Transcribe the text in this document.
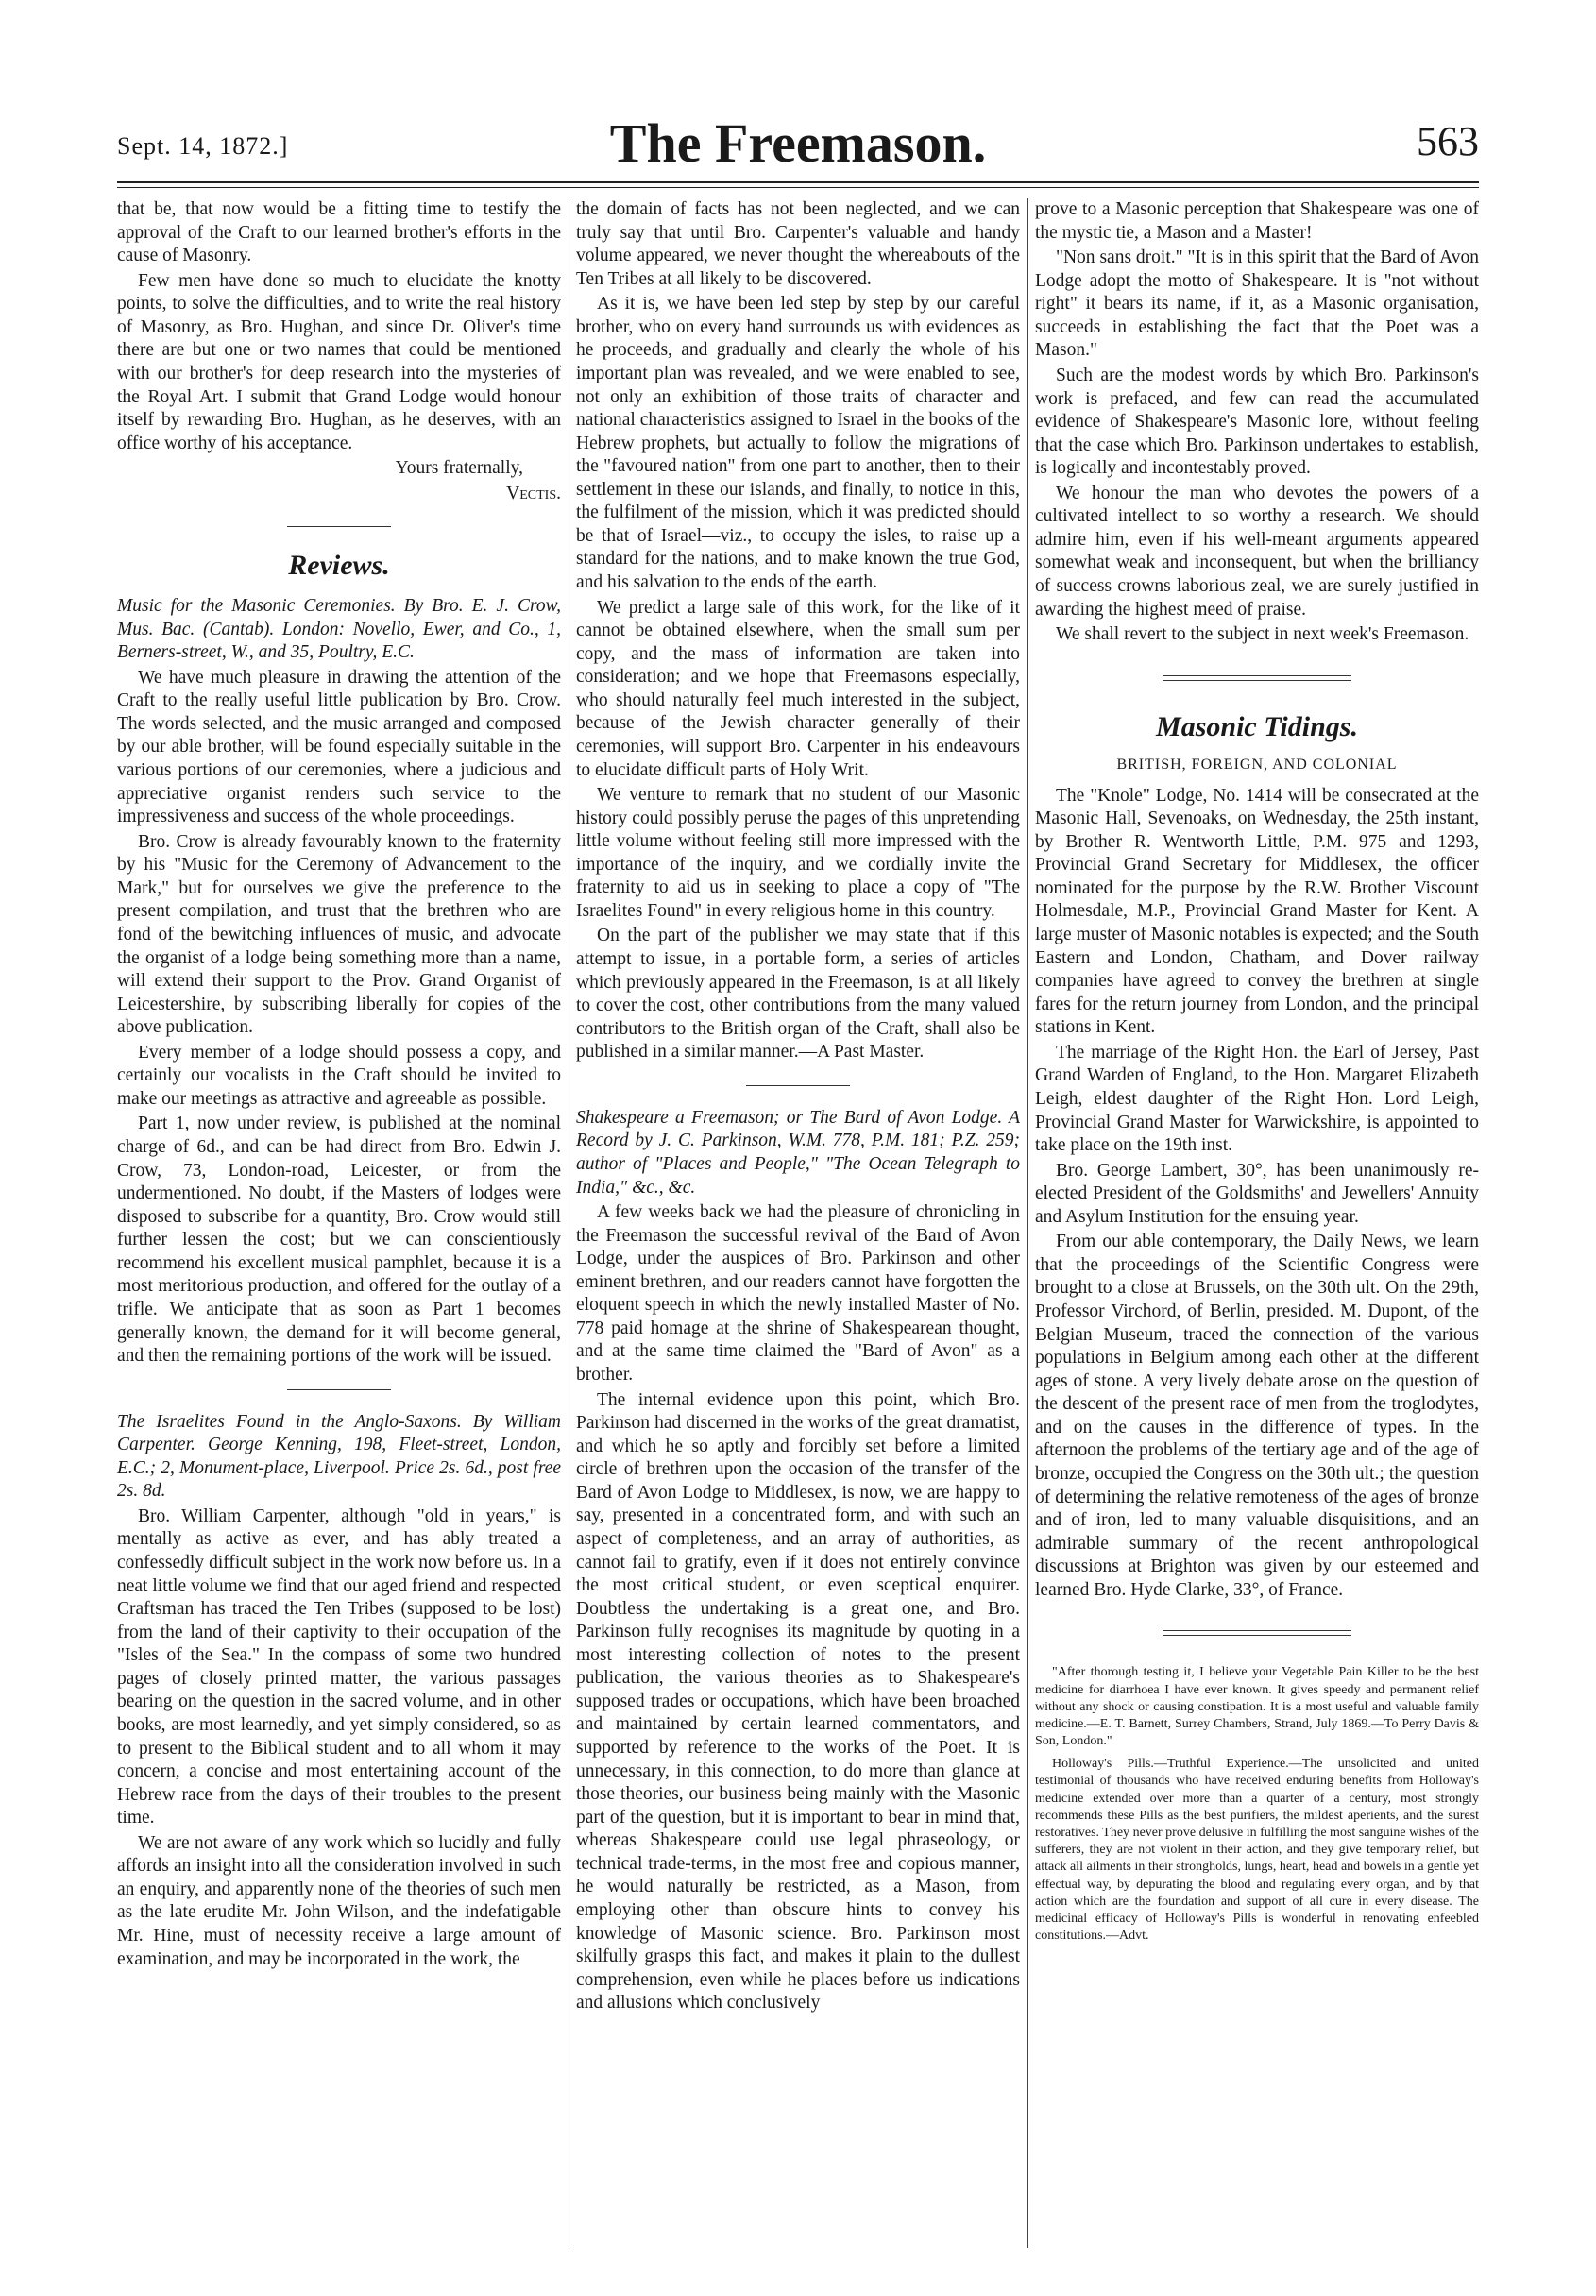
Sept. 14, 1872.]	The Freemason.	563

that be, that now would be a fitting time to testify the approval of the Craft to our learned brother's efforts in the cause of Masonry.

Few men have done so much to elucidate the knotty points, to solve the difficulties, and to write the real history of Masonry, as Bro. Hughan, and since Dr. Oliver's time there are but one or two names that could be mentioned with our brother's for deep research into the mysteries of the Royal Art. I submit that Grand Lodge would honour itself by rewarding Bro. Hughan, as he deserves, with an office worthy of his acceptance.

Yours fraternally,
Vectis.
Reviews.

Music for the Masonic Ceremonies. By Bro. E. J. Crow, Mus. Bac. (Cantab). London: Novello, Ewer, and Co., 1, Berners-street, W., and 35, Poultry, E.C.

We have much pleasure in drawing the attention of the Craft to the really useful little publication by Bro. Crow. The words selected, and the music arranged and composed by our able brother, will be found especially suitable in the various portions of our ceremonies, where a judicious and appreciative organist renders such service to the impressiveness and success of the whole proceedings.

Bro. Crow is already favourably known to the fraternity by his "Music for the Ceremony of Advancement to the Mark," but for ourselves we give the preference to the present compilation, and trust that the brethren who are fond of the bewitching influences of music, and advocate the organist of a lodge being something more than a name, will extend their support to the Prov. Grand Organist of Leicestershire, by subscribing liberally for copies of the above publication.

Every member of a lodge should possess a copy, and certainly our vocalists in the Craft should be invited to make our meetings as attractive and agreeable as possible.

Part 1, now under review, is published at the nominal charge of 6d., and can be had direct from Bro. Edwin J. Crow, 73, London-road, Leicester, or from the undermentioned. No doubt, if the Masters of lodges were disposed to subscribe for a quantity, Bro. Crow would still further lessen the cost; but we can conscientiously recommend his excellent musical pamphlet, because it is a most meritorious production, and offered for the outlay of a trifle. We anticipate that as soon as Part 1 becomes generally known, the demand for it will become general, and then the remaining portions of the work will be issued.

The Israelites Found in the Anglo-Saxons. By William Carpenter. George Kenning, 198, Fleet-street, London, E.C.; 2, Monument-place, Liverpool. Price 2s. 6d., post free 2s. 8d.

Bro. William Carpenter, although "old in years," is mentally as active as ever, and has ably treated a confessedly difficult subject in the work now before us. In a neat little volume we find that our aged friend and respected Craftsman has traced the Ten Tribes (supposed to be lost) from the land of their captivity to their occupation of the "Isles of the Sea." In the compass of some two hundred pages of closely printed matter, the various passages bearing on the question in the sacred volume, and in other books, are most learnedly, and yet simply considered, so as to present to the Biblical student and to all whom it may concern, a concise and most entertaining account of the Hebrew race from the days of their troubles to the present time.

We are not aware of any work which so lucidly and fully affords an insight into all the consideration involved in such an enquiry, and apparently none of the theories of such men as the late erudite Mr. John Wilson, and the indefatigable Mr. Hine, must of necessity receive a large amount of examination, and may be incorporated in the work, the

the domain of facts has not been neglected, and we can truly say that until Bro. Carpenter's valuable and handy volume appeared, we never thought the whereabouts of the Ten Tribes at all likely to be discovered.

As it is, we have been led step by step by our careful brother, who on every hand surrounds us with evidences as he proceeds, and gradually and clearly the whole of his important plan was revealed, and we were enabled to see, not only an exhibition of those traits of character and national characteristics assigned to Israel in the books of the Hebrew prophets, but actually to follow the migrations of the "favoured nation" from one part to another, then to their settlement in these our islands, and finally, to notice in this, the fulfilment of the mission, which it was predicted should be that of Israel—viz., to occupy the isles, to raise up a standard for the nations, and to make known the true God, and his salvation to the ends of the earth.

We predict a large sale of this work, for the like of it cannot be obtained elsewhere, when the small sum per copy, and the mass of information are taken into consideration; and we hope that Freemasons especially, who should naturally feel much interested in the subject, because of the Jewish character generally of their ceremonies, will support Bro. Carpenter in his endeavours to elucidate difficult parts of Holy Writ.

We venture to remark that no student of our Masonic history could possibly peruse the pages of this unpretending little volume without feeling still more impressed with the importance of the inquiry, and we cordially invite the fraternity to aid us in seeking to place a copy of "The Israelites Found" in every religious home in this country.

On the part of the publisher we may state that if this attempt to issue, in a portable form, a series of articles which previously appeared in the Freemason, is at all likely to cover the cost, other contributions from the many valued contributors to the British organ of the Craft, shall also be published in a similar manner.—A Past Master.

Shakespeare a Freemason; or The Bard of Avon Lodge. A Record by J. C. Parkinson, W.M. 778, P.M. 181; P.Z. 259; author of "Places and People," "The Ocean Telegraph to India," &c., &c.

A few weeks back we had the pleasure of chronicling in the Freemason the successful revival of the Bard of Avon Lodge, under the auspices of Bro. Parkinson and other eminent brethren, and our readers cannot have forgotten the eloquent speech in which the newly installed Master of No. 778 paid homage at the shrine of Shakespearean thought, and at the same time claimed the "Bard of Avon" as a brother.

The internal evidence upon this point, which Bro. Parkinson had discerned in the works of the great dramatist, and which he so aptly and forcibly set before a limited circle of brethren upon the occasion of the transfer of the Bard of Avon Lodge to Middlesex, is now, we are happy to say, presented in a concentrated form, and with such an aspect of completeness, and an array of authorities, as cannot fail to gratify, even if it does not entirely convince the most critical student, or even sceptical enquirer. Doubtless the undertaking is a great one, and Bro. Parkinson fully recognises its magnitude by quoting in a most interesting collection of notes to the present publication, the various theories as to Shakespeare's supposed trades or occupations, which have been broached and maintained by certain learned commentators, and supported by reference to the works of the Poet. It is unnecessary, in this connection, to do more than glance at those theories, our business being mainly with the Masonic part of the question, but it is important to bear in mind that, whereas Shakespeare could use legal phraseology, or technical trade-terms, in the most free and copious manner, he would naturally be restricted, as a Mason, from employing other than obscure hints to convey his knowledge of Masonic science. Bro. Parkinson most skilfully grasps this fact, and makes it plain to the dullest comprehension, even while he places before us indications and allusions which conclusively

prove to a Masonic perception that Shakespeare was one of the mystic tie, a Mason and a Master!

"Non sans droit." "It is in this spirit that the Bard of Avon Lodge adopt the motto of Shakespeare. It is "not without right" it bears its name, if it, as a Masonic organisation, succeeds in establishing the fact that the Poet was a Mason."

Such are the modest words by which Bro. Parkinson's work is prefaced, and few can read the accumulated evidence of Shakespeare's Masonic lore, without feeling that the case which Bro. Parkinson undertakes to establish, is logically and incontestably proved.

We honour the man who devotes the powers of a cultivated intellect to so worthy a research. We should admire him, even if his well-meant arguments appeared somewhat weak and inconsequent, but when the brilliancy of success crowns laborious zeal, we are surely justified in awarding the highest meed of praise.

We shall revert to the subject in next week's Freemason.

Masonic Tidings.
BRITISH, FOREIGN, AND COLONIAL

The "Knole" Lodge, No. 1414 will be consecrated at the Masonic Hall, Sevenoaks, on Wednesday, the 25th instant, by Brother R. Wentworth Little, P.M. 975 and 1293, Provincial Grand Secretary for Middlesex, the officer nominated for the purpose by the R.W. Brother Viscount Holmesdale, M.P., Provincial Grand Master for Kent. A large muster of Masonic notables is expected; and the South Eastern and London, Chatham, and Dover railway companies have agreed to convey the brethren at single fares for the return journey from London, and the principal stations in Kent.

The marriage of the Right Hon. the Earl of Jersey, Past Grand Warden of England, to the Hon. Margaret Elizabeth Leigh, eldest daughter of the Right Hon. Lord Leigh, Provincial Grand Master for Warwickshire, is appointed to take place on the 19th inst.

Bro. George Lambert, 30°, has been unanimously re-elected President of the Goldsmiths' and Jewellers' Annuity and Asylum Institution for the ensuing year.

From our able contemporary, the Daily News, we learn that the proceedings of the Scientific Congress were brought to a close at Brussels, on the 30th ult. On the 29th, Professor Virchord, of Berlin, presided. M. Dupont, of the Belgian Museum, traced the connection of the various populations in Belgium among each other at the different ages of stone. A very lively debate arose on the question of the descent of the present race of men from the troglodytes, and on the causes in the difference of types. In the afternoon the problems of the tertiary age and of the age of bronze, occupied the Congress on the 30th ult.; the question of determining the relative remoteness of the ages of bronze and of iron, led to many valuable disquisitions, and an admirable summary of the recent anthropological discussions at Brighton was given by our esteemed and learned Bro. Hyde Clarke, 33°, of France.

"After thorough testing it, I believe your Vegetable Pain Killer to be the best medicine for diarrhoea I have ever known. It gives speedy and permanent relief without any shock or causing constipation. It is a most useful and valuable family medicine.—E. T. Barnett, Surrey Chambers, Strand, July 1869.—To Perry Davis & Son, London."

Holloway's Pills.—Truthful Experience.—The unsolicited and united testimonial of thousands who have received enduring benefits from Holloway's medicine extended over more than a quarter of a century, most strongly recommends these Pills as the best purifiers, the mildest aperients, and the surest restoratives. They never prove delusive in fulfilling the most sanguine wishes of the sufferers, they are not violent in their action, and they give temporary relief, but attack all ailments in their strongholds, lungs, heart, head and bowels in a gentle yet effectual way, by depurating the blood and regulating every organ, and by that action which are the foundation and support of all cure in every disease. The medicinal efficacy of Holloway's Pills is wonderful in renovating enfeebled constitutions.—Advt.
